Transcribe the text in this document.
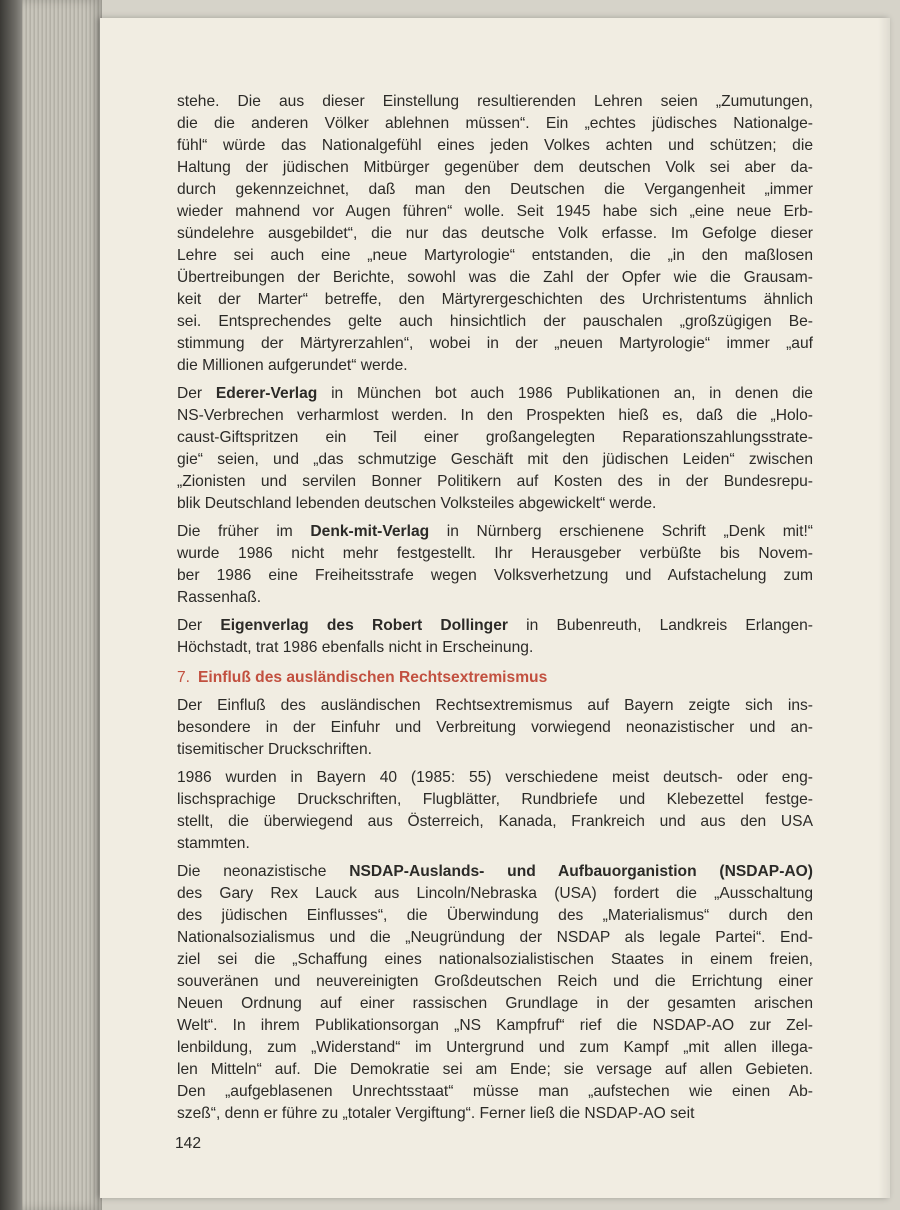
stehe. Die aus dieser Einstellung resultierenden Lehren seien „Zumutungen,
die die anderen Völker ablehnen müssen“. Ein „echtes jüdisches Nationalge-
fühl“ würde das Nationalgefühl eines jeden Volkes achten und schützen; die
Haltung der jüdischen Mitbürger gegenüber dem deutschen Volk sei aber da-
durch gekennzeichnet, daß man den Deutschen die Vergangenheit „immer
wieder mahnend vor Augen führen“ wolle. Seit 1945 habe sich „eine neue Erb-
sündelehre ausgebildet“, die nur das deutsche Volk erfasse. Im Gefolge dieser
Lehre sei auch eine „neue Martyrologie“ entstanden, die „in den maßlosen
Übertreibungen der Berichte, sowohl was die Zahl der Opfer wie die Grausam-
keit der Marter“ betreffe, den Märtyrergeschichten des Urchristentums ähnlich
sei. Entsprechendes gelte auch hinsichtlich der pauschalen „großzügigen Be-
stimmung der Märtyrerzahlen“, wobei in der „neuen Martyrologie“ immer „auf
die Millionen aufgerundet“ werde.
Der Ederer-Verlag in München bot auch 1986 Publikationen an, in denen die
NS-Verbrechen verharmlost werden. In den Prospekten hieß es, daß die „Holo-
caust-Giftspritzen ein Teil einer großangelegten Reparationszahlungsstrate-
gie“ seien, und „das schmutzige Geschäft mit den jüdischen Leiden“ zwischen
„Zionisten und servilen Bonner Politikern auf Kosten des in der Bundesrepu-
blik Deutschland lebenden deutschen Volksteiles abgewickelt“ werde.
Die früher im Denk-mit-Verlag in Nürnberg erschienene Schrift „Denk mit!“
wurde 1986 nicht mehr festgestellt. Ihr Herausgeber verbüßte bis Novem-
ber 1986 eine Freiheitsstrafe wegen Volksverhetzung und Aufstachelung zum
Rassenhaß.
Der Eigenverlag des Robert Dollinger in Bubenreuth, Landkreis Erlangen-
Höchstadt, trat 1986 ebenfalls nicht in Erscheinung.
7. Einfluß des ausländischen Rechtsextremismus
Der Einfluß des ausländischen Rechtsextremismus auf Bayern zeigte sich ins-
besondere in der Einfuhr und Verbreitung vorwiegend neonazistischer und an-
tisemitischer Druckschriften.
1986 wurden in Bayern 40 (1985: 55) verschiedene meist deutsch- oder eng-
lischsprachige Druckschriften, Flugblätter, Rundbriefe und Klebezettel festge-
stellt, die überwiegend aus Österreich, Kanada, Frankreich und aus den USA
stammten.
Die neonazistische NSDAP-Auslands- und Aufbauorganistion (NSDAP-AO)
des Gary Rex Lauck aus Lincoln/Nebraska (USA) fordert die „Ausschaltung
des jüdischen Einflusses“, die Überwindung des „Materialismus“ durch den
Nationalsozialismus und die „Neugründung der NSDAP als legale Partei“. End-
ziel sei die „Schaffung eines nationalsozialistischen Staates in einem freien,
souveränen und neuvereinigten Großdeutschen Reich und die Errichtung einer
Neuen Ordnung auf einer rassischen Grundlage in der gesamten arischen
Welt“. In ihrem Publikationsorgan „NS Kampfruf“ rief die NSDAP-AO zur Zel-
lenbildung, zum „Widerstand“ im Untergrund und zum Kampf „mit allen illega-
len Mitteln“ auf. Die Demokratie sei am Ende; sie versage auf allen Gebieten.
Den „aufgeblasenen Unrechtsstaat“ müsse man „aufstechen wie einen Ab-
szeß“, denn er führe zu „totaler Vergiftung“. Ferner ließ die NSDAP-AO seit
142
